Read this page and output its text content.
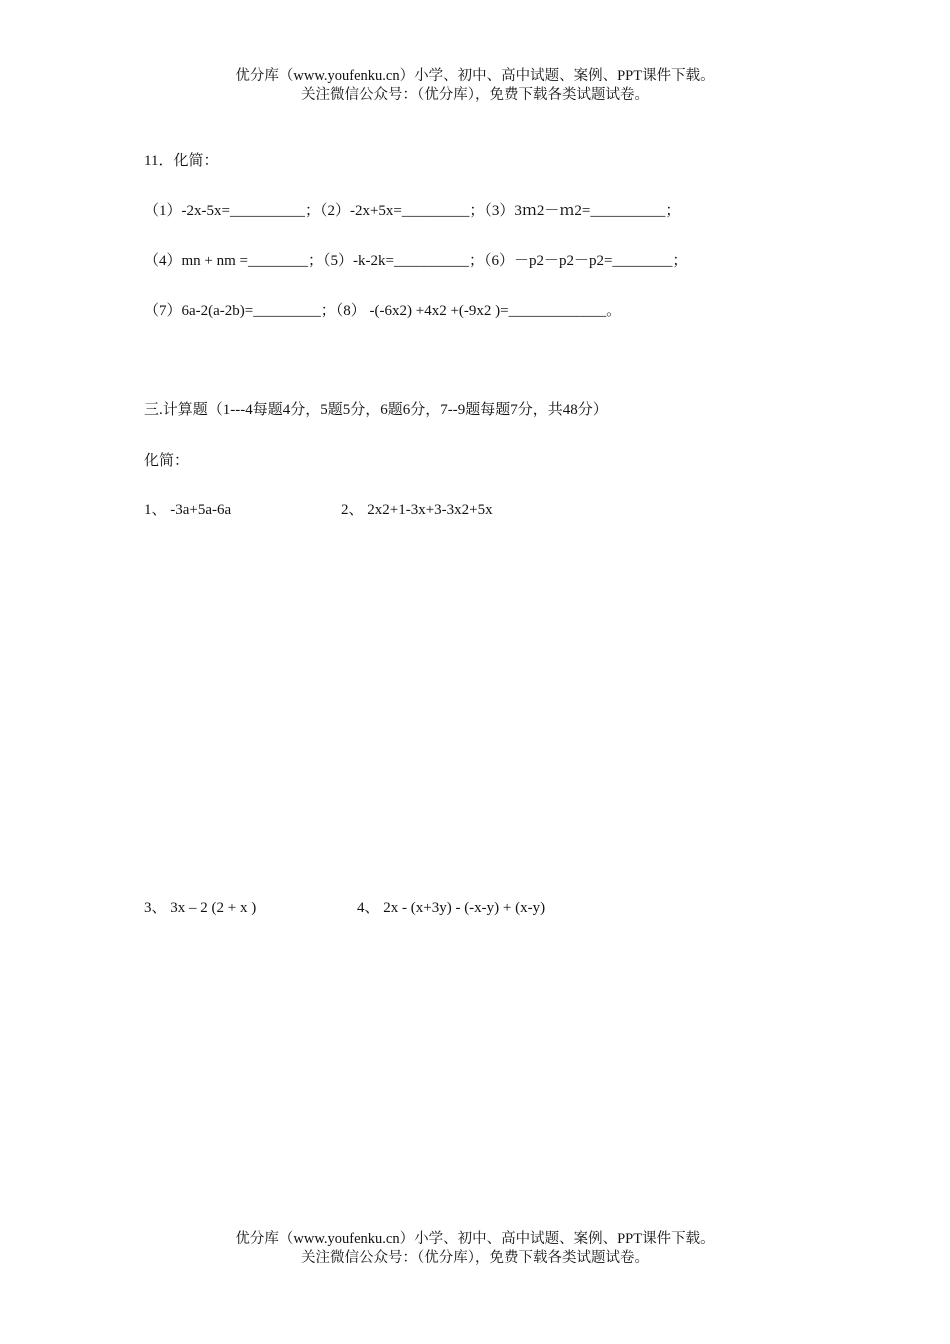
优分库（www.youfenku.cn）小学、初中、高中试题、案例、PPT课件下载。
关注微信公众号：（优分库），免费下载各类试题试卷。
11．化简：
（1）-2x-5x=__________；（2）-2x+5x=_________；（3）3ｍ2－ｍ2=__________；
（4）mn + nm =________；（5）-k-2k=__________；（6）－p2－p2－p2=________；
（7）6a-2(a-2b)=_________；（8） -(-6x2) +4x2 +(-9x2 )=_____________。
三.计算题（1---4每题4分，5题5分，6题6分，7--9题每题7分，共48分）
化简：
1、 -3a+5a-6a	2、 2x2+1-3x+3-3x2+5x
3、 3x – 2 (2 + x )	4、 2x - (x+3y) - (-x-y) + (x-y)
优分库（www.youfenku.cn）小学、初中、高中试题、案例、PPT课件下载。
关注微信公众号：（优分库），免费下载各类试题试卷。
